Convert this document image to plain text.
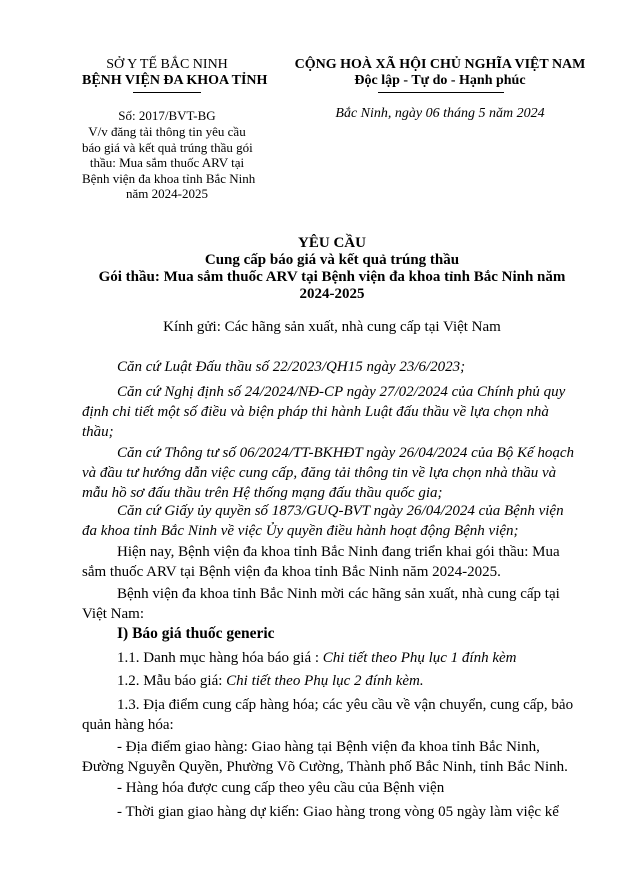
SỞ Y TẾ BẮC NINH
BỆNH VIỆN ĐA KHOA TỈNH
Số: 2017/BVT-BG
V/v đăng tải thông tin yêu cầu
báo giá và kết quả trúng thầu gói
thầu: Mua sắm thuốc ARV tại
Bệnh viện đa khoa tỉnh Bắc Ninh
năm 2024-2025
CỘNG HOÀ XÃ HỘI CHỦ NGHĨA VIỆT NAM
Độc lập - Tự do - Hạnh phúc
Bắc Ninh, ngày 06 tháng 5 năm 2024
YÊU CẦU
Cung cấp báo giá và kết quả trúng thầu
Gói thầu: Mua sắm thuốc ARV tại Bệnh viện đa khoa tỉnh Bắc Ninh năm
2024-2025
Kính gửi: Các hãng sản xuất, nhà cung cấp tại Việt Nam
Căn cứ Luật Đấu thầu số 22/2023/QH15 ngày 23/6/2023;
Căn cứ Nghị định số 24/2024/NĐ-CP ngày 27/02/2024 của Chính phủ quy
định chi tiết một số điều và biện pháp thi hành Luật đấu thầu về lựa chọn nhà
thầu;
Căn cứ Thông tư số 06/2024/TT-BKHĐT ngày 26/04/2024 của Bộ Kế hoạch
và đầu tư hướng dẫn việc cung cấp, đăng tải thông tin về lựa chọn nhà thầu và
mẫu hồ sơ đấu thầu trên Hệ thống mạng đấu thầu quốc gia;
Căn cứ Giấy ủy quyền số 1873/GUQ-BVT ngày 26/04/2024 của Bệnh viện
đa khoa tỉnh Bắc Ninh về việc Ủy quyền điều hành hoạt động Bệnh viện;
Hiện nay, Bệnh viện đa khoa tỉnh Bắc Ninh đang triển khai gói thầu: Mua
sắm thuốc ARV tại Bệnh viện đa khoa tỉnh Bắc Ninh năm 2024-2025.
Bệnh viện đa khoa tỉnh Bắc Ninh mời các hãng sản xuất, nhà cung cấp tại
Việt Nam:
I) Báo giá thuốc generic
1.1. Danh mục hàng hóa báo giá : Chi tiết theo Phụ lục 1 đính kèm
1.2. Mẫu báo giá: Chi tiết theo Phụ lục 2 đính kèm.
1.3. Địa điểm cung cấp hàng hóa; các yêu cầu về vận chuyển, cung cấp, bảo
quản hàng hóa:
- Địa điểm giao hàng: Giao hàng tại Bệnh viện đa khoa tỉnh Bắc Ninh,
Đường Nguyễn Quyền, Phường Võ Cường, Thành phố Bắc Ninh, tỉnh Bắc Ninh.
- Hàng hóa được cung cấp theo yêu cầu của Bệnh viện
- Thời gian giao hàng dự kiến: Giao hàng trong vòng 05 ngày làm việc kể
